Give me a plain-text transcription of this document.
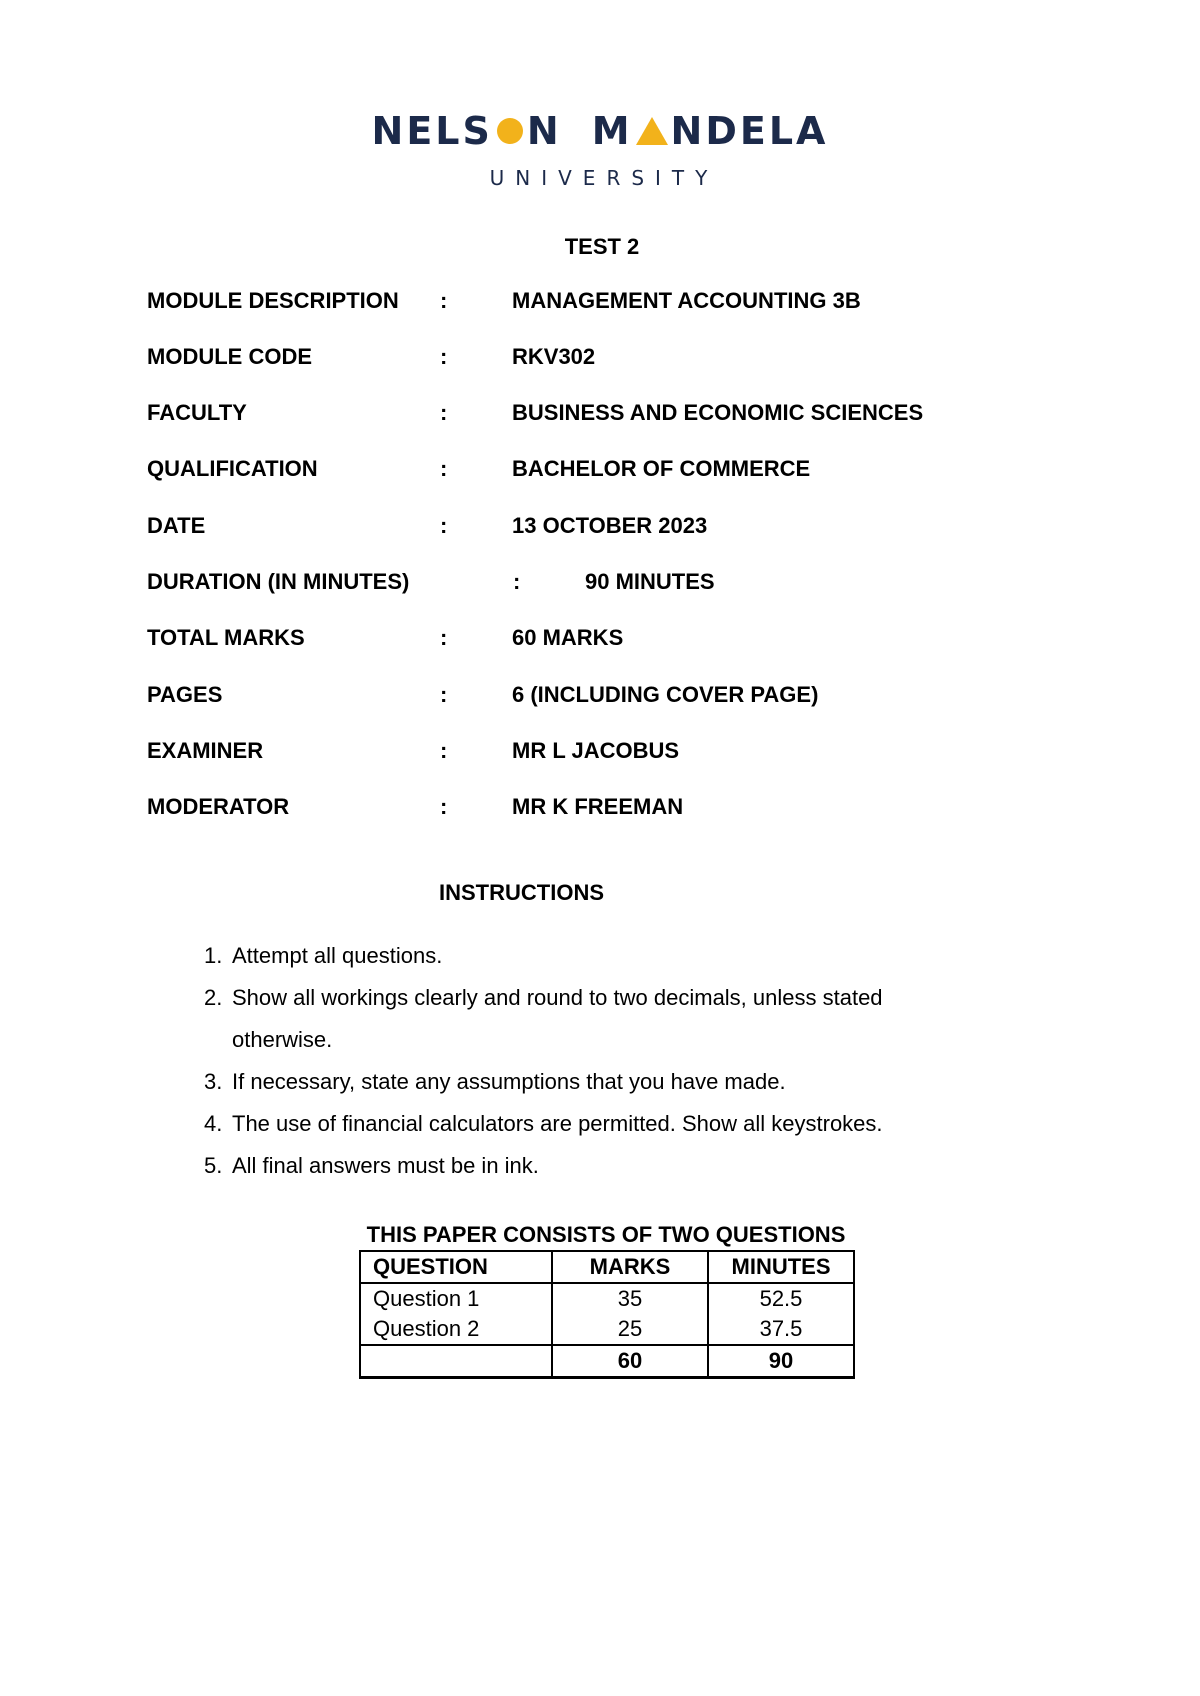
NELS N M NDELA
UNIVERSITY
TEST 2
MODULE DESCRIPTION :	MANAGEMENT ACCOUNTING 3B
MODULE CODE	:	RKV302
FACULTY	:	BUSINESS AND ECONOMIC SCIENCES
QUALIFICATION	:	BACHELOR OF COMMERCE
DATE	:	13 OCTOBER 2023
DURATION (IN MINUTES)	:	90 MINUTES
TOTAL MARKS	:	60 MARKS
PAGES	:	6 (INCLUDING COVER PAGE)
EXAMINER	:	MR L JACOBUS
MODERATOR	:	MR K FREEMAN
INSTRUCTIONS
1. Attempt all questions.
2. Show all workings clearly and round to two decimals, unless stated
otherwise.
3. If necessary, state any assumptions that you have made.
4. The use of financial calculators are permitted. Show all keystrokes.
5. All final answers must be in ink.
THIS PAPER CONSISTS OF TWO QUESTIONS
QUESTION	MARKS	MINUTES
Question 1	35	52.5
Question 2	25	37.5
	60	90
